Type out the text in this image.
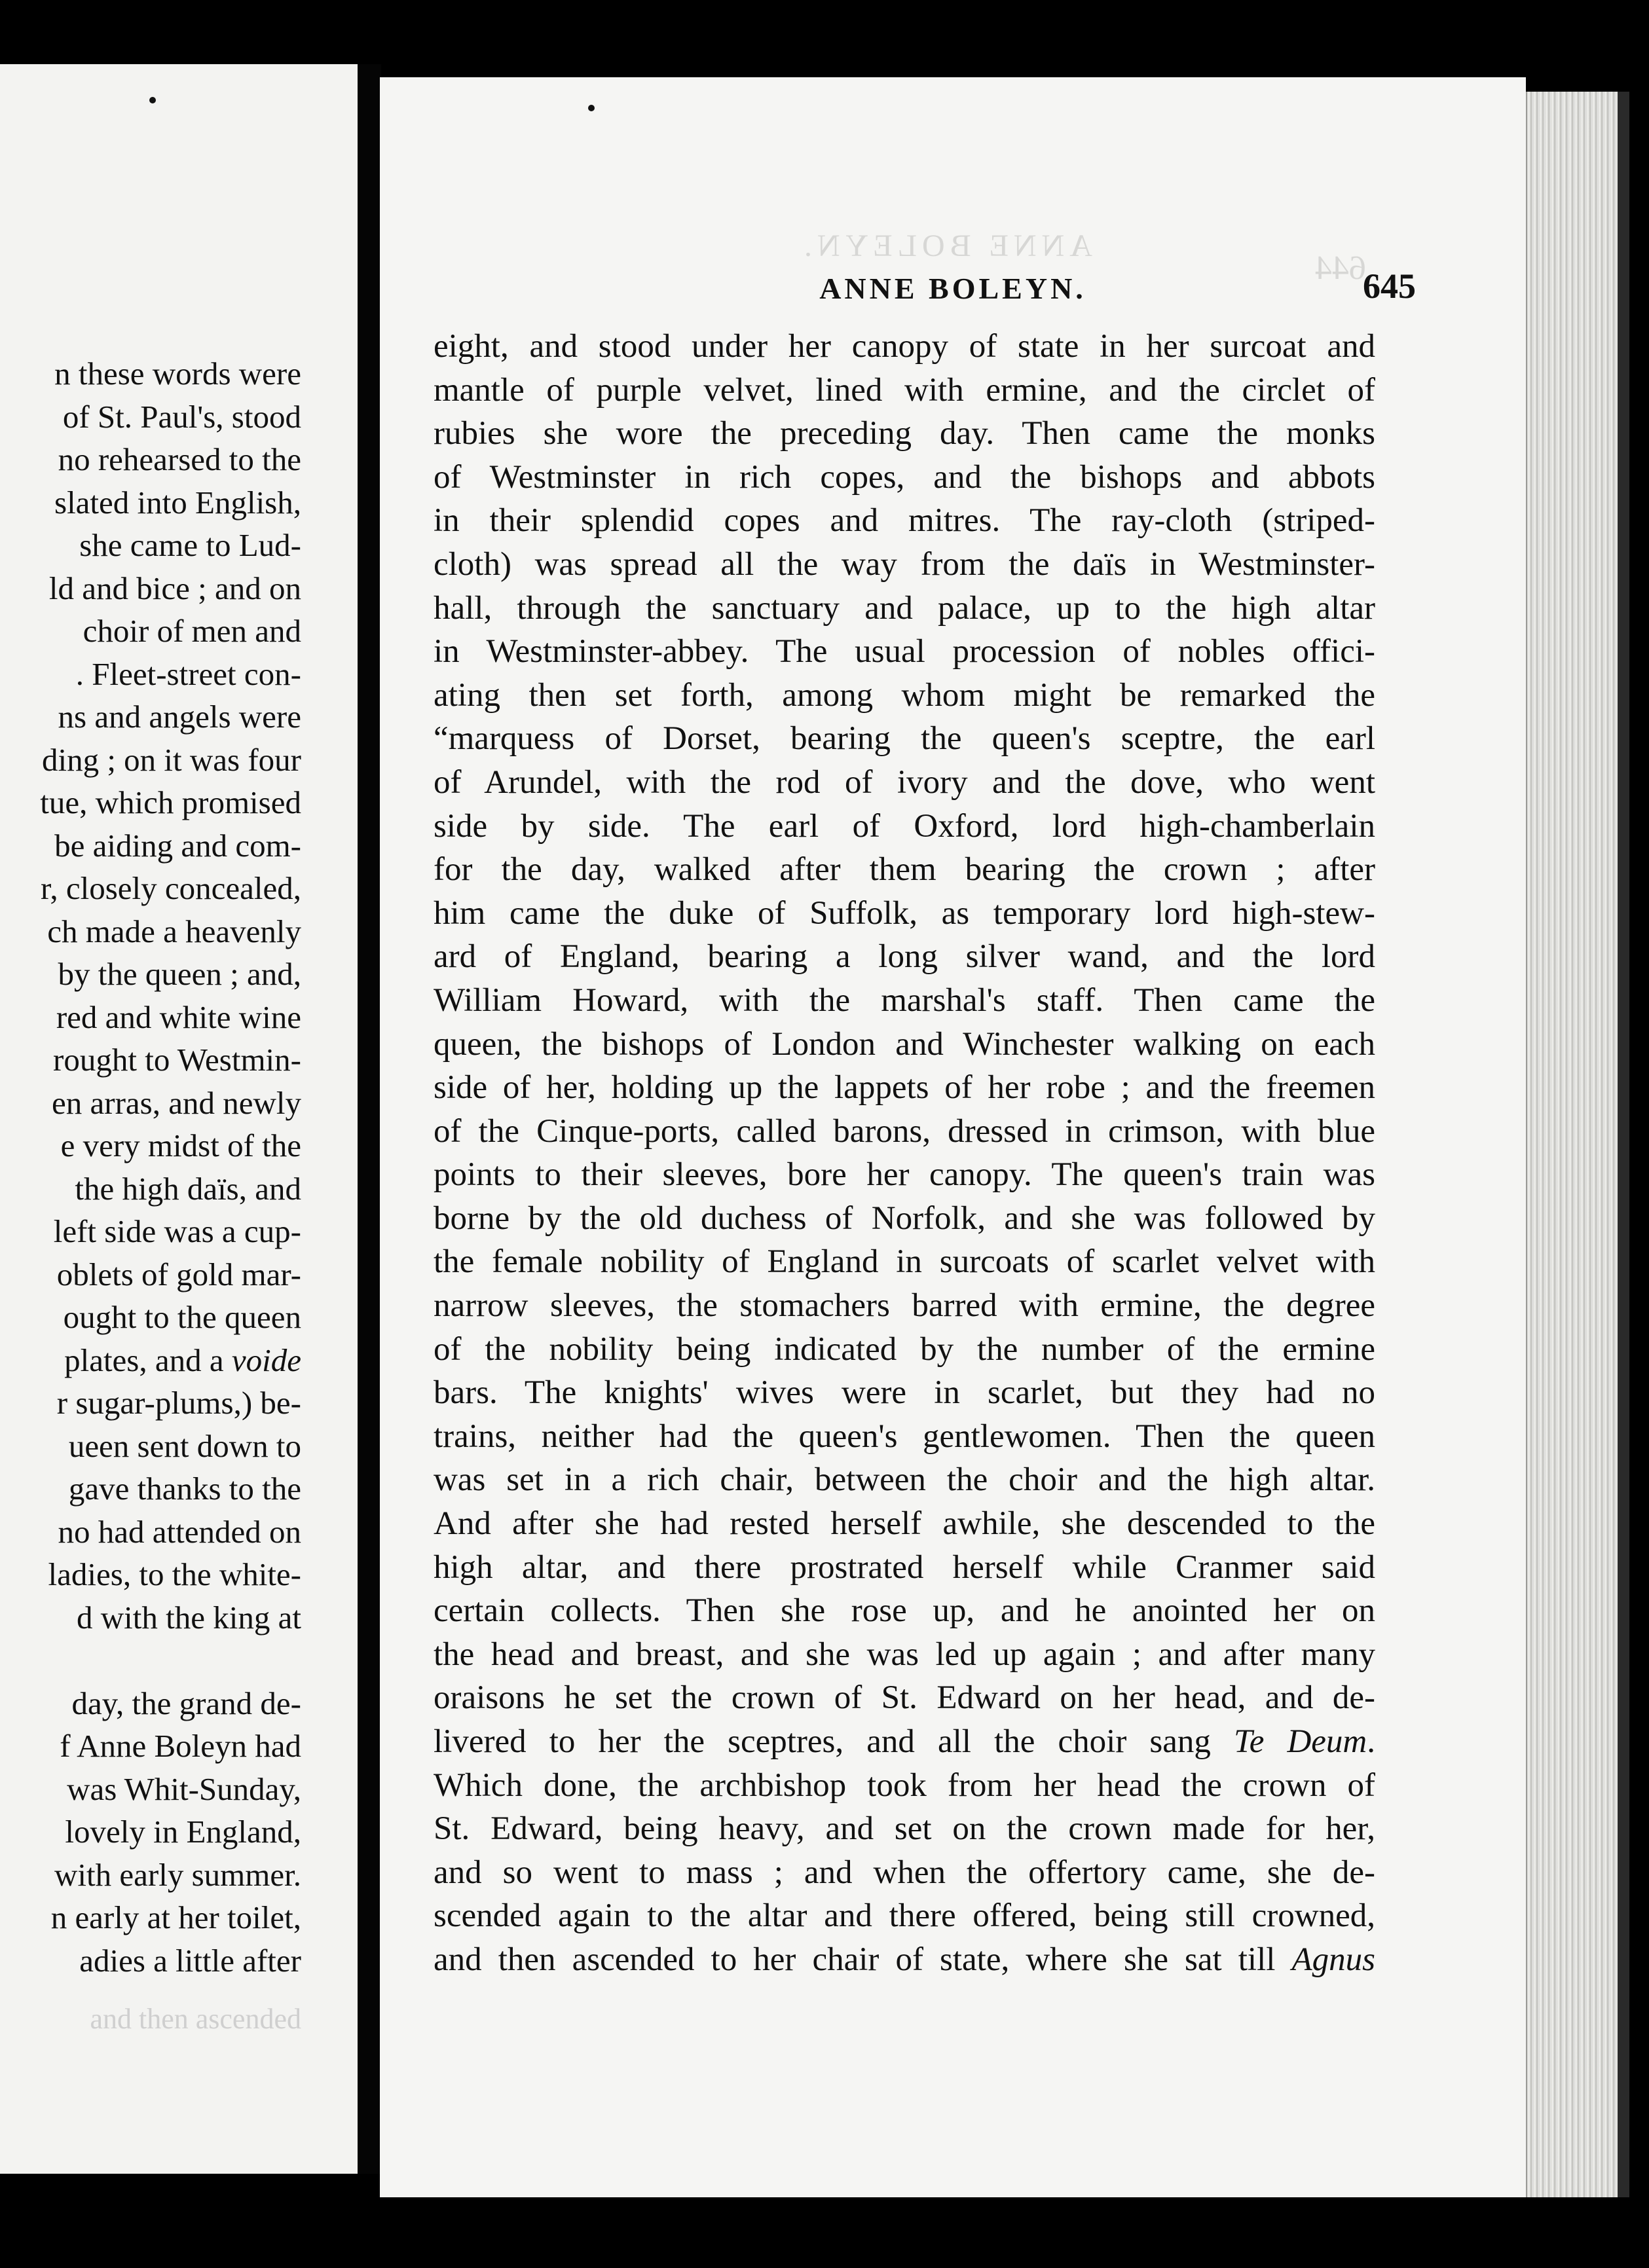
n these words were
of St. Paul's, stood
no rehearsed to the
slated into English,
she came to Lud-
ld and bice ; and on
choir of men and
. Fleet-street con-
ns and angels were
ding ; on it was four
tue, which promised
be aiding and com-
r, closely concealed,
ch made a heavenly
by the queen ; and,
red and white wine
rought to Westmin-
en arras, and newly
e very midst of the
the high daïs, and
left side was a cup-
oblets of gold mar-
ought to the queen
plates, and a voide
r sugar-plums,) be-
ueen sent down to
gave thanks to the
no had attended on
ladies, to the white-
d with the king at

day, the grand de-
f Anne Boleyn had
was Whit-Sunday,
lovely in England,
with early summer.
n early at her toilet,
adies a little after
and then ascended
ANNE BOLEYN.
644
ANNE BOLEYN.	645
eight, and stood under her canopy of state in her surcoat and
mantle of purple velvet, lined with ermine, and the circlet of
rubies she wore the preceding day. Then came the monks
of Westminster in rich copes, and the bishops and abbots
in their splendid copes and mitres. The ray-cloth (striped-
cloth) was spread all the way from the daïs in Westminster-
hall, through the sanctuary and palace, up to the high altar
in Westminster-abbey. The usual procession of nobles offici-
ating then set forth, among whom might be remarked the
“marquess of Dorset, bearing the queen's sceptre, the earl
of Arundel, with the rod of ivory and the dove, who went
side by side. The earl of Oxford, lord high-chamberlain
for the day, walked after them bearing the crown ; after
him came the duke of Suffolk, as temporary lord high-stew-
ard of England, bearing a long silver wand, and the lord
William Howard, with the marshal's staff. Then came the
queen, the bishops of London and Winchester walking on each
side of her, holding up the lappets of her robe ; and the freemen
of the Cinque-ports, called barons, dressed in crimson, with blue
points to their sleeves, bore her canopy. The queen's train was
borne by the old duchess of Norfolk, and she was followed by
the female nobility of England in surcoats of scarlet velvet with
narrow sleeves, the stomachers barred with ermine, the degree
of the nobility being indicated by the number of the ermine
bars. The knights' wives were in scarlet, but they had no
trains, neither had the queen's gentlewomen. Then the queen
was set in a rich chair, between the choir and the high altar.
And after she had rested herself awhile, she descended to the
high altar, and there prostrated herself while Cranmer said
certain collects. Then she rose up, and he anointed her on
the head and breast, and she was led up again ; and after many
oraisons he set the crown of St. Edward on her head, and de-
livered to her the sceptres, and all the choir sang Te Deum.
Which done, the archbishop took from her head the crown of
St. Edward, being heavy, and set on the crown made for her,
and so went to mass ; and when the offertory came, she de-
scended again to the altar and there offered, being still crowned,
and then ascended to her chair of state, where she sat till Agnus
